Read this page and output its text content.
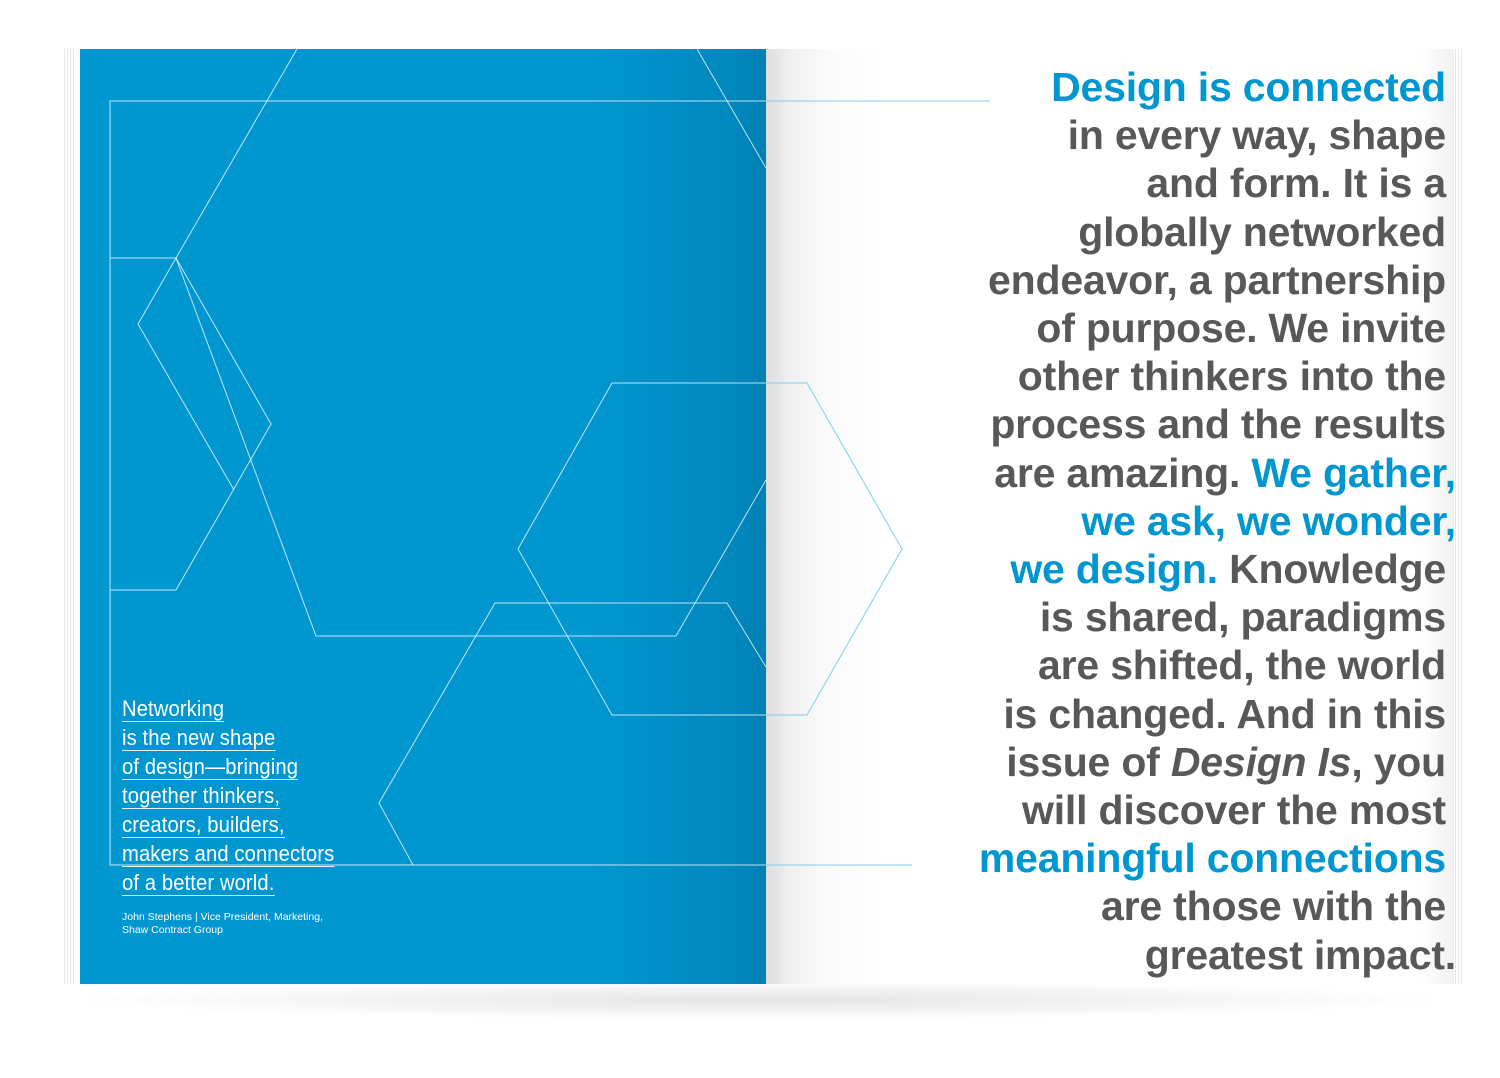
Networking
is the new shape
of design—bringing
together thinkers,
creators, builders,
makers and connectors
of a better world.
John Stephens | Vice President, Marketing,
Shaw Contract Group
Design is connected
in every way, shape
and form. It is a
globally networked
endeavor, a partnership
of purpose. We invite
other thinkers into the
process and the results
are amazing. We gather,
we ask, we wonder,
we design. Knowledge
is shared, paradigms
are shifted, the world
is changed. And in this
issue of Design Is, you
will discover the most
meaningful connections
are those with the
greatest impact.
